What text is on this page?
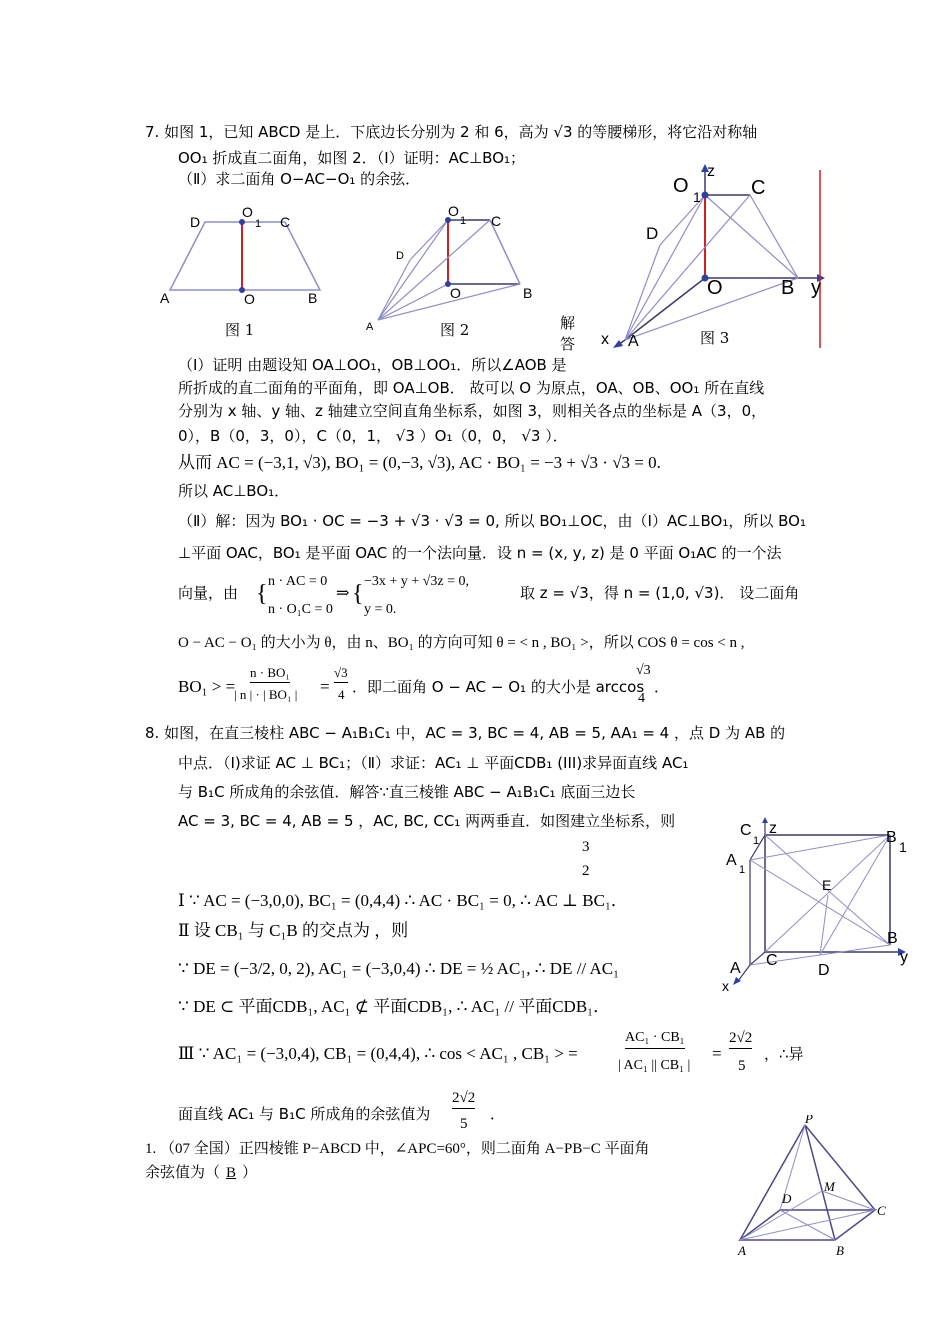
7. 如图 1，已知 ABCD 是上．下底边长分别为 2 和 6，高为 √3 的等腰梯形，将它沿对称轴
OO₁ 折成直二面角，如图 2．（Ⅰ）证明：AC⊥BO₁；
（Ⅱ）求二面角 O−AC−O₁ 的余弦．
D
O
1 C
A	O	B
图 1
D
O
1 C
A
O	B
图 2	解
答
z
O 1	C
D
O	B y
x A	图 3
（Ⅰ）证明 由题设知 OA⊥OO₁，OB⊥OO₁．所以∠AOB 是
所折成的直二面角的平面角，即 OA⊥OB． 故可以 O 为原点，OA、OB、OO₁ 所在直线
分别为 x 轴、y 轴、z 轴建立空间直角坐标系，如图 3，则相关各点的坐标是 A（3，0，
0），B（0，3，0），C（0，1， √3 ）O₁（0，0， √3 ）．
从而 AC = (−3,1, √3), BO₁ = (0,−3, √3), AC · BO₁ = −3 + √3 · √3 = 0.
所以 AC⊥BO₁．
（Ⅱ）解：因为 BO₁ · OC = −3 + √3 · √3 = 0, 所以 BO₁⊥OC，由（Ⅰ）AC⊥BO₁，所以 BO₁
⊥平面 OAC，BO₁ 是平面 OAC 的一个法向量．设 n = (x, y, z) 是 0 平面 O₁AC 的一个法
向量，由 { n · AC = 0
n · O₁C = 0
⇒ { −3x + y + √3z = 0,
y = 0.
取 z = √3，得 n = (1,0, √3)． 设二面角
O − AC − O₁ 的大小为 θ，由 n、BO₁ 的方向可知 θ = < n , BO₁ >，所以 COS θ = cos < n ,
BO₁ > =
n · BO₁
| n | · | BO₁ | =
√3
4 ．即二面角 O − AC − O₁ 的大小是 arccos
√3
4
．
8. 如图，在直三棱柱 ABC − A₁B₁C₁ 中，AC = 3, BC = 4, AB = 5, AA₁ = 4 ，点 D 为 AB 的
中点．（Ⅰ)求证 AC ⊥ BC₁；（Ⅱ）求证：AC₁ ⊥ 平面CDB₁ (III)求异面直线 AC₁
与 B₁C 所成角的余弦值．解答∵直三棱锥 ABC − A₁B₁C₁ 底面三边长
AC = 3, BC = 4, AB = 5 ，AC, BC, CC₁ 两两垂直．如图建立坐标系，则
3
2
Ⅰ ∵ AC = (−3,0,0), BC₁ = (0,4,4) ∴ AC · BC₁ = 0, ∴ AC ⊥ BC₁．
Ⅱ 设 CB₁ 与 C₁B 的交点为 ，则
∵ DE = (−3/2, 0, 2), AC₁ = (−3,0,4) ∴ DE = ½ AC₁, ∴ DE // AC₁
∵ DE ⊂ 平面CDB₁, AC₁ ⊄ 平面CDB₁, ∴ AC₁ // 平面CDB₁．
Ⅲ ∵ AC₁ = (−3,0,4), CB₁ = (0,4,4), ∴ cos < AC₁ , CB₁ > =
AC₁ · CB₁
| AC₁ || CB₁ |
=
2√2
5
，∴异
面直线 AC₁ 与 B₁C 所成角的余弦值为
2√2
5
．
C
1
z
B
1
A
1
E
B
y
C
A	D
x
1. （07 全国）正四棱锥 P−ABCD 中，∠APC=60°，则二面角 A−PB−C 平面角
余弦值为（ B ）
P
D
M
C
A	B
